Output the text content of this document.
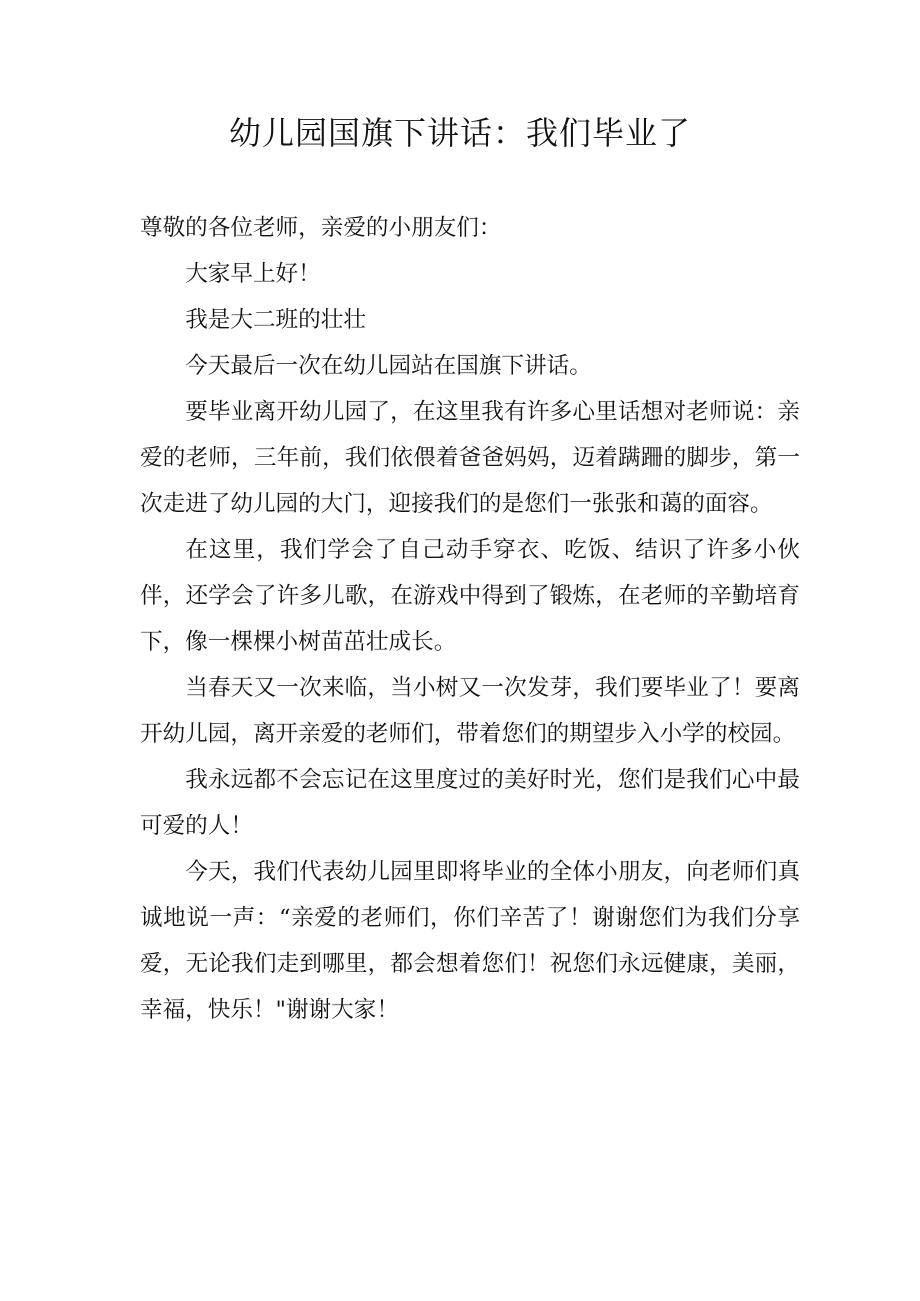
幼儿园国旗下讲话：我们毕业了

尊敬的各位老师，亲爱的小朋友们：

大家早上好！

我是大二班的壮壮

今天最后一次在幼儿园站在国旗下讲话。

要毕业离开幼儿园了，在这里我有许多心里话想对老师说：亲爱的老师，三年前，我们依偎着爸爸妈妈，迈着蹒跚的脚步，第一次走进了幼儿园的大门，迎接我们的是您们一张张和蔼的面容。

在这里，我们学会了自己动手穿衣、吃饭、结识了许多小伙伴，还学会了许多儿歌，在游戏中得到了锻炼，在老师的辛勤培育下，像一棵棵小树苗茁壮成长。

当春天又一次来临，当小树又一次发芽，我们要毕业了！要离开幼儿园，离开亲爱的老师们，带着您们的期望步入小学的校园。

我永远都不会忘记在这里度过的美好时光，您们是我们心中最可爱的人！

今天，我们代表幼儿园里即将毕业的全体小朋友，向老师们真诚地说一声：“亲爱的老师们，你们辛苦了！谢谢您们为我们分享爱，无论我们走到哪里，都会想着您们！祝您们永远健康，美丽，幸福，快乐！"谢谢大家！
